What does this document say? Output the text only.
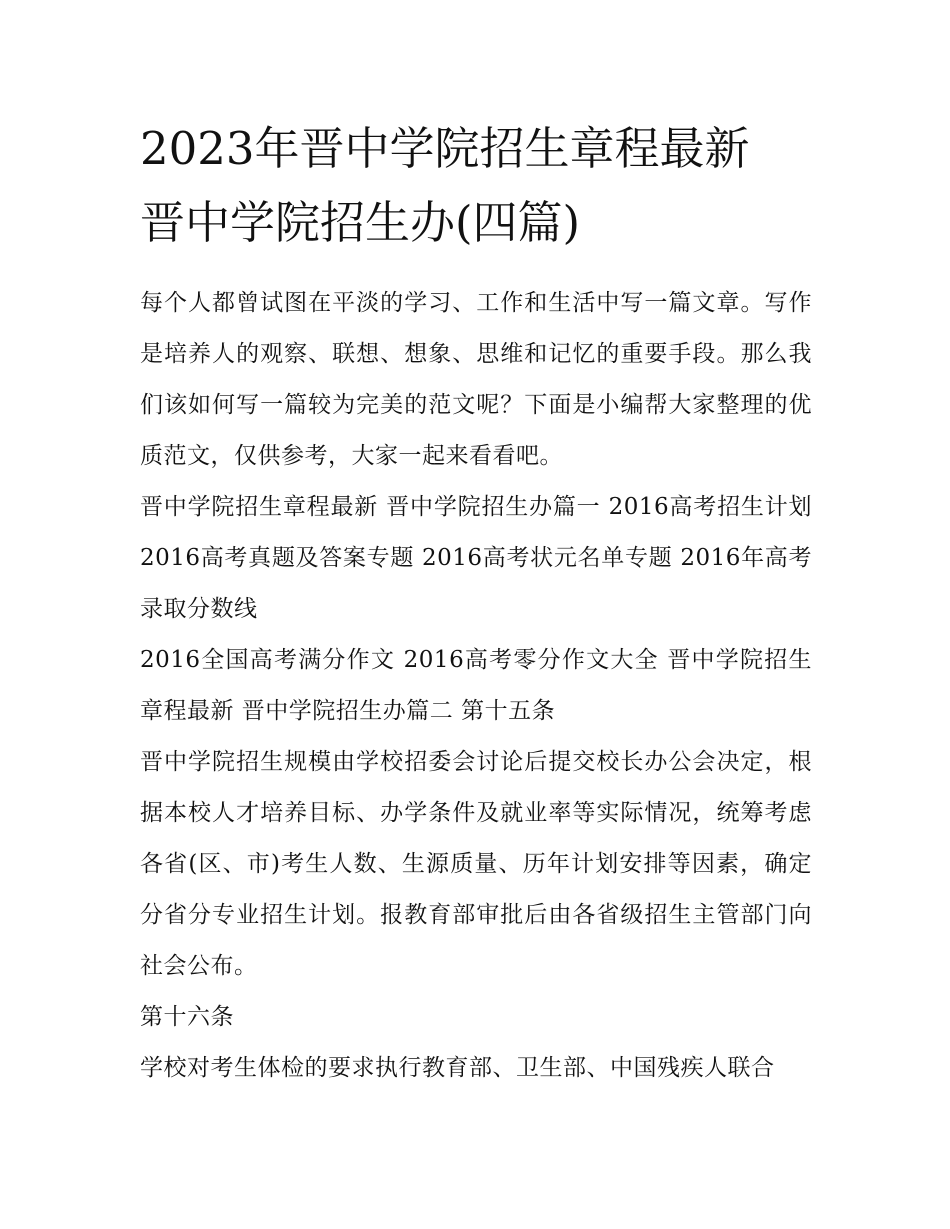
2023年晋中学院招生章程最新
晋中学院招生办(四篇)

每个人都曾试图在平淡的学习、工作和生活中写一篇文章。写作是培养人的观察、联想、想象、思维和记忆的重要手段。那么我们该如何写一篇较为完美的范文呢？下面是小编帮大家整理的优质范文，仅供参考，大家一起来看看吧。

晋中学院招生章程最新 晋中学院招生办篇一 2016高考招生计划 2016高考真题及答案专题 2016高考状元名单专题 2016年高考录取分数线

2016全国高考满分作文 2016高考零分作文大全 晋中学院招生章程最新 晋中学院招生办篇二 第十五条

晋中学院招生规模由学校招委会讨论后提交校长办公会决定，根据本校人才培养目标、办学条件及就业率等实际情况，统筹考虑各省(区、市)考生人数、生源质量、历年计划安排等因素，确定分省分专业招生计划。报教育部审批后由各省级招生主管部门向社会公布。

第十六条

学校对考生体检的要求执行教育部、卫生部、中国残疾人联合
